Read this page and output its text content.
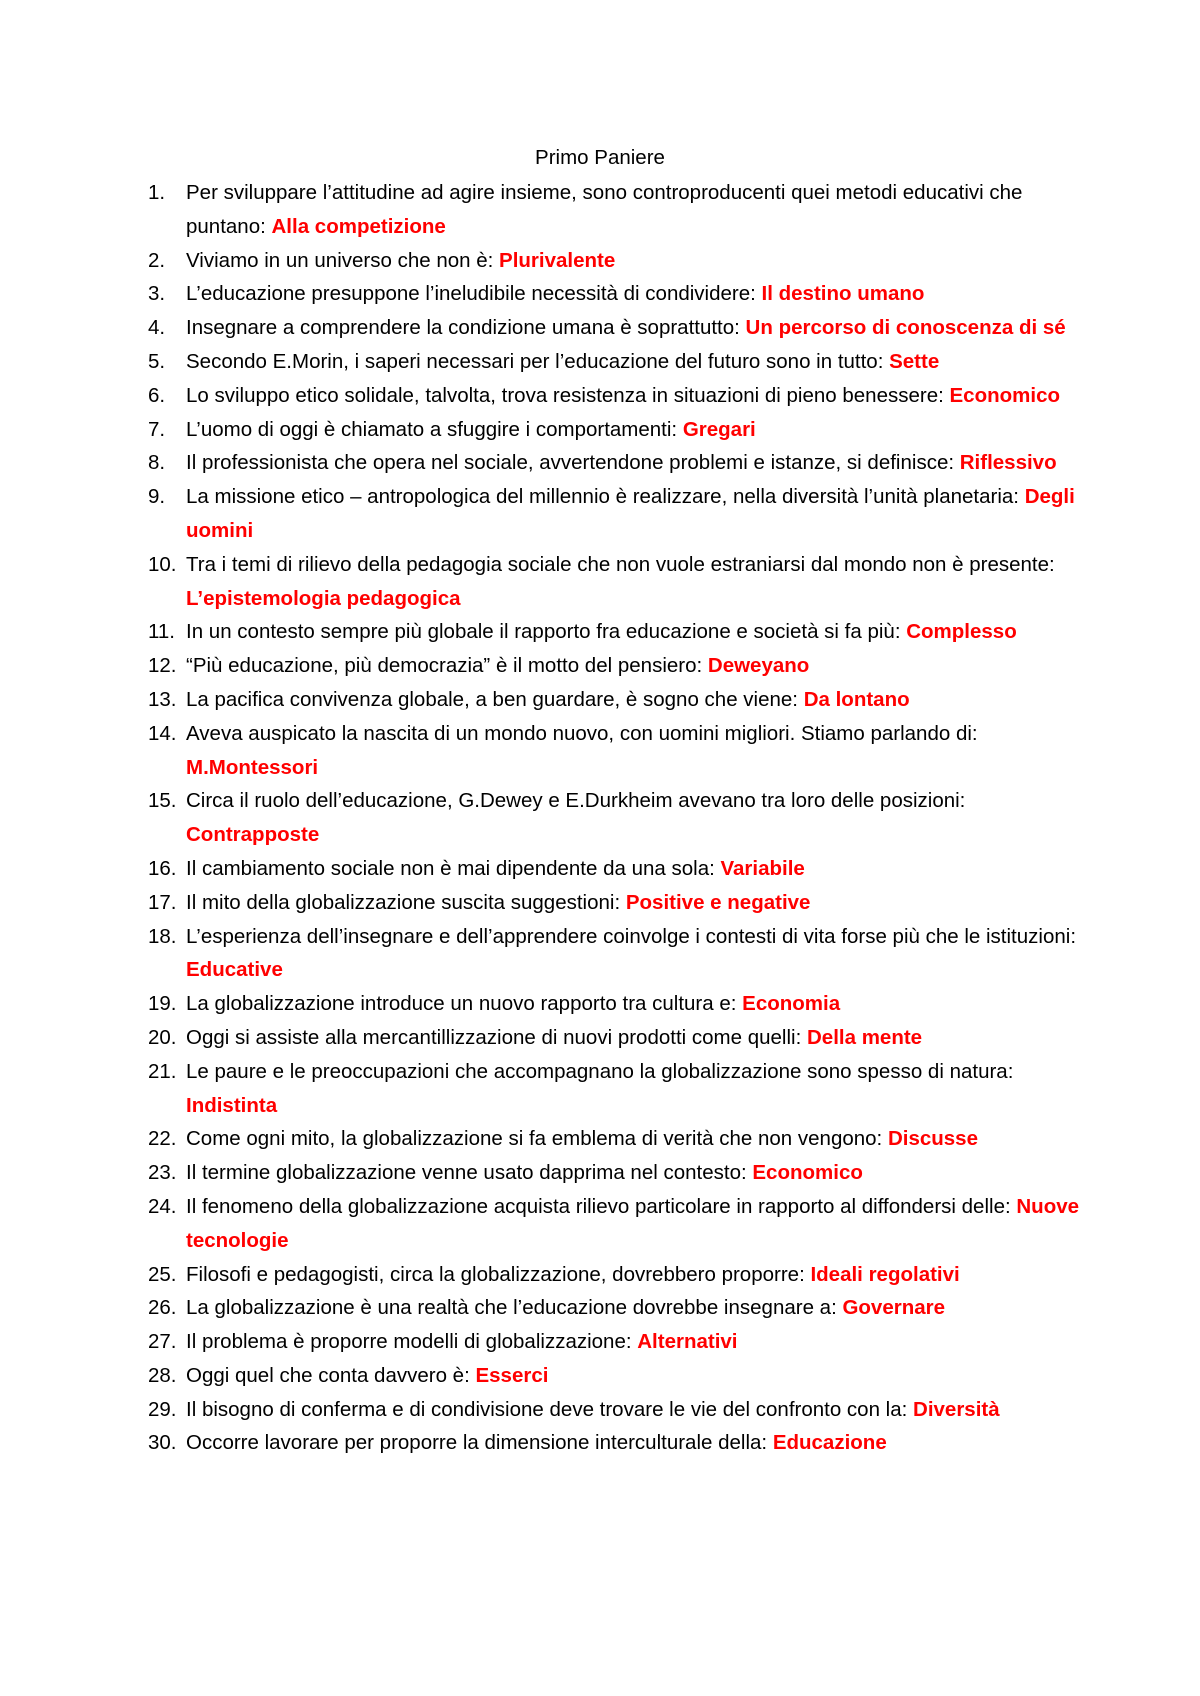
Primo Paniere
1.	Per sviluppare l’attitudine ad agire insieme, sono controproducenti quei metodi educativi che puntano: Alla competizione
2.	Viviamo in un universo che non è: Plurivalente
3.	L’educazione presuppone l’ineludibile necessità di condividere: Il destino umano
4.	Insegnare a comprendere la condizione umana è soprattutto: Un percorso di conoscenza di sé
5.	Secondo E.Morin, i saperi necessari per l’educazione del futuro sono in tutto: Sette
6.	Lo sviluppo etico solidale, talvolta, trova resistenza in situazioni di pieno benessere: Economico
7.	L’uomo di oggi è chiamato a sfuggire i comportamenti: Gregari
8.	Il professionista che opera nel sociale, avvertendone problemi e istanze, si definisce: Riflessivo
9.	La missione etico – antropologica del millennio è realizzare, nella diversità l’unità planetaria: Degli uomini
10. Tra i temi di rilievo della pedagogia sociale che non vuole estraniarsi dal mondo non è presente: L’epistemologia pedagogica
11. In un contesto sempre più globale il rapporto fra educazione e società si fa più: Complesso
12. “Più educazione, più democrazia” è il motto del pensiero: Deweyano
13. La pacifica convivenza globale, a ben guardare, è sogno che viene: Da lontano
14. Aveva auspicato la nascita di un mondo nuovo, con uomini migliori. Stiamo parlando di: M.Montessori
15. Circa il ruolo dell’educazione, G.Dewey e E.Durkheim avevano tra loro delle posizioni: Contrapposte
16. Il cambiamento sociale non è mai dipendente da una sola: Variabile
17. Il mito della globalizzazione suscita suggestioni: Positive e negative
18. L’esperienza dell’insegnare e dell’apprendere coinvolge i contesti di vita forse più che le istituzioni: Educative
19. La globalizzazione introduce un nuovo rapporto tra cultura e: Economia
20. Oggi si assiste alla mercantillizzazione di nuovi prodotti come quelli: Della mente
21. Le paure e le preoccupazioni che accompagnano la globalizzazione sono spesso di natura: Indistinta
22. Come ogni mito, la globalizzazione si fa emblema di verità che non vengono: Discusse
23. Il termine globalizzazione venne usato dapprima nel contesto: Economico
24. Il fenomeno della globalizzazione acquista rilievo particolare in rapporto al diffondersi delle: Nuove tecnologie
25. Filosofi e pedagogisti, circa la globalizzazione, dovrebbero proporre: Ideali regolativi
26. La globalizzazione è una realtà che l’educazione dovrebbe insegnare a: Governare
27. Il problema è proporre modelli di globalizzazione: Alternativi
28. Oggi quel che conta davvero è: Esserci
29. Il bisogno di conferma e di condivisione deve trovare le vie del confronto con la: Diversità
30. Occorre lavorare per proporre la dimensione interculturale della: Educazione
